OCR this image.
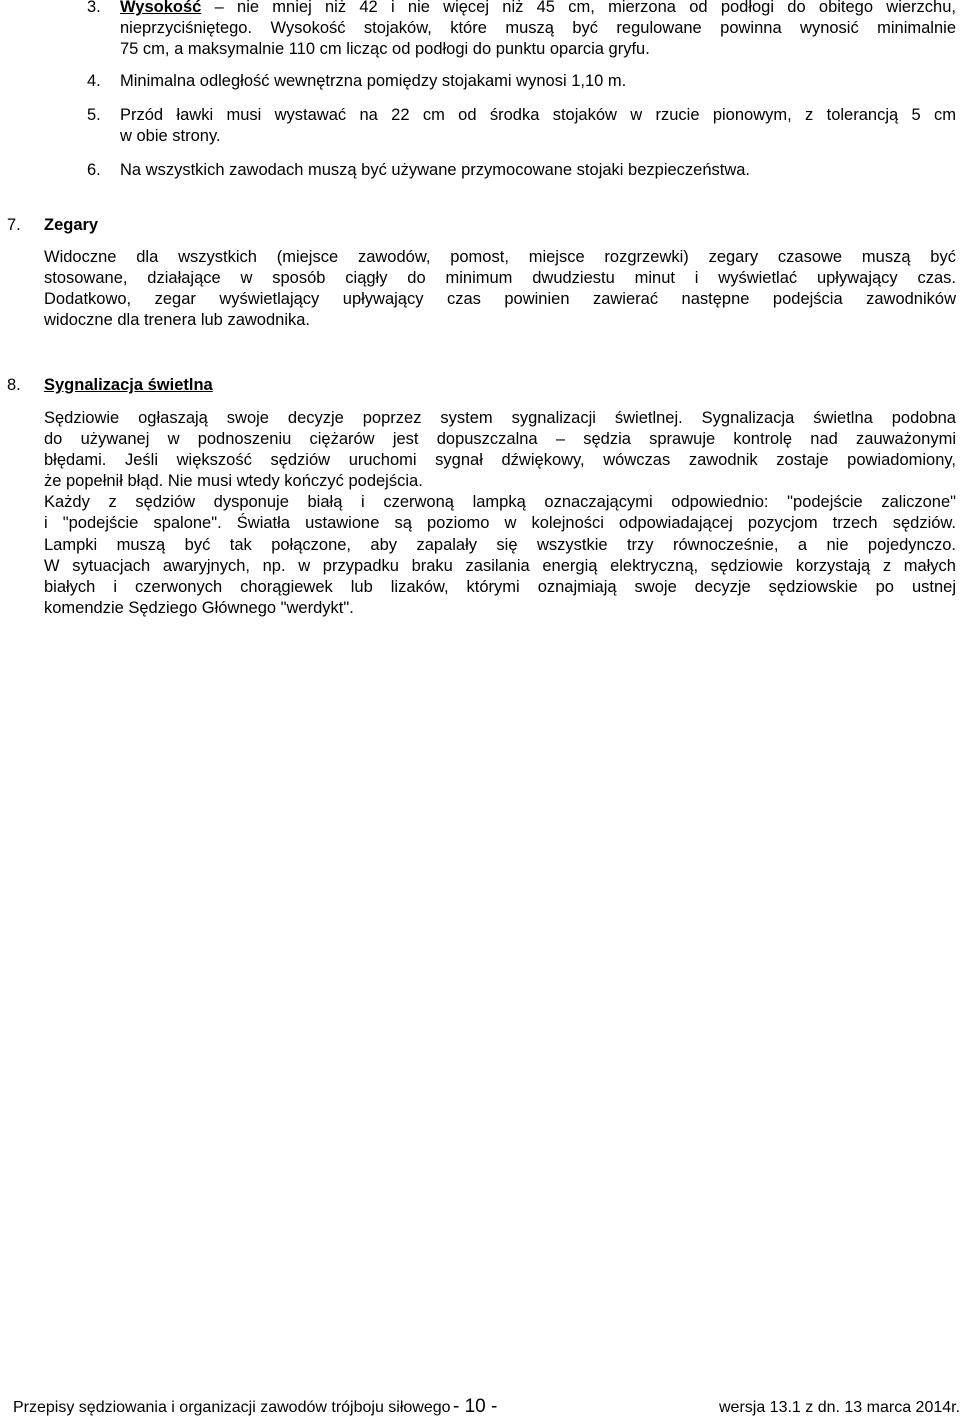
3. Wysokość – nie mniej niż 42 i nie więcej niż 45 cm, mierzona od podłogi do obitego wierzchu,
nieprzyciśniętego. Wysokość stojaków, które muszą być regulowane powinna wynosić minimalnie
75 cm, a maksymalnie 110 cm licząc od podłogi do punktu oparcia gryfu.
4. Minimalna odległość wewnętrzna pomiędzy stojakami wynosi 1,10 m.
5. Przód ławki musi wystawać na 22 cm od środka stojaków w rzucie pionowym, z tolerancją 5 cm
w obie strony.
6. Na wszystkich zawodach muszą być używane przymocowane stojaki bezpieczeństwa.
7. Zegary
Widoczne dla wszystkich (miejsce zawodów, pomost, miejsce rozgrzewki) zegary czasowe muszą być
stosowane, działające w sposób ciągły do minimum dwudziestu minut i wyświetlać upływający czas.
Dodatkowo, zegar wyświetlający upływający czas powinien zawierać następne podejścia zawodników
widoczne dla trenera lub zawodnika.
8. Sygnalizacja świetlna
Sędziowie ogłaszają swoje decyzje poprzez system sygnalizacji świetlnej. Sygnalizacja świetlna podobna
do używanej w podnoszeniu ciężarów jest dopuszczalna – sędzia sprawuje kontrolę nad zauważonymi
błędami. Jeśli większość sędziów uruchomi sygnał dźwiękowy, wówczas zawodnik zostaje powiadomiony,
że popełnił błąd. Nie musi wtedy kończyć podejścia.
Każdy z sędziów dysponuje białą i czerwoną lampką oznaczającymi odpowiednio: "podejście zaliczone"
i "podejście spalone". Światła ustawione są poziomo w kolejności odpowiadającej pozycjom trzech sędziów.
Lampki muszą być tak połączone, aby zapalały się wszystkie trzy równocześnie, a nie pojedynczo.
W sytuacjach awaryjnych, np. w przypadku braku zasilania energią elektryczną, sędziowie korzystają z małych
białych i czerwonych chorągiewek lub lizaków, którymi oznajmiają swoje decyzje sędziowskie po ustnej
komendzie Sędziego Głównego "werdykt".
Przepisy sędziowania i organizacji zawodów trójboju siłowego - 10 -	wersja 13.1 z dn. 13 marca 2014r.
